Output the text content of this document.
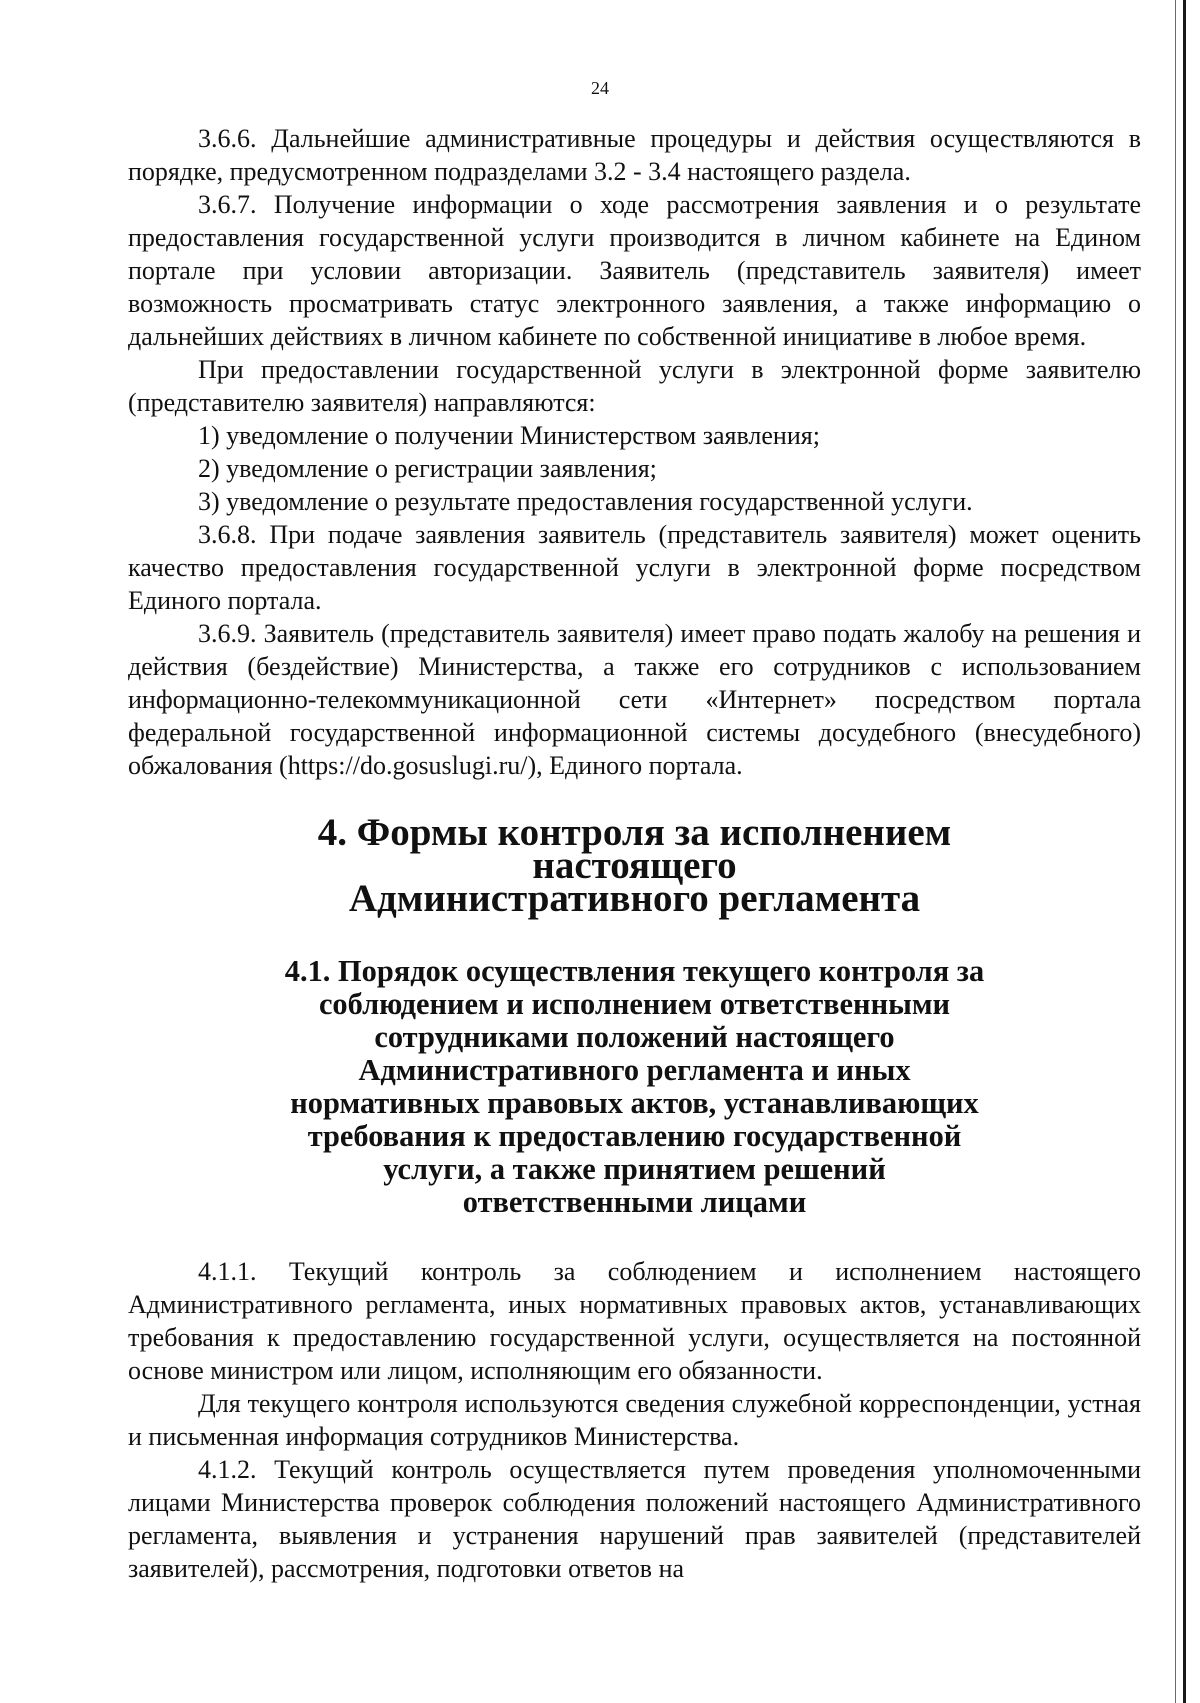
24

3.6.6. Дальнейшие административные процедуры и действия осуществляются в порядке, предусмотренном подразделами 3.2 - 3.4 настоящего раздела.

3.6.7. Получение информации о ходе рассмотрения заявления и о результате предоставления государственной услуги производится в личном кабинете на Едином портале при условии авторизации. Заявитель (представитель заявителя) имеет возможность просматривать статус электронного заявления, а также информацию о дальнейших действиях в личном кабинете по собственной инициативе в любое время.

При предоставлении государственной услуги в электронной форме заявителю (представителю заявителя) направляются:

1) уведомление о получении Министерством заявления;

2) уведомление о регистрации заявления;

3) уведомление о результате предоставления государственной услуги.

3.6.8. При подаче заявления заявитель (представитель заявителя) может оценить качество предоставления государственной услуги в электронной форме посредством Единого портала.

3.6.9. Заявитель (представитель заявителя) имеет право подать жалобу на решения и действия (бездействие) Министерства, а также его сотрудников с использованием информационно-телекоммуникационной сети «Интернет» посредством портала федеральной государственной информационной системы досудебного (внесудебного) обжалования (https://do.gosuslugi.ru/), Единого портала.

4. Формы контроля за исполнением настоящего
Административного регламента
4.1. Порядок осуществления текущего контроля за
соблюдением и исполнением ответственными
сотрудниками положений настоящего
Административного регламента и иных
нормативных правовых актов, устанавливающих
требования к предоставлению государственной
услуги, а также принятием решений
ответственными лицами

4.1.1. Текущий контроль за соблюдением и исполнением настоящего Административного регламента, иных нормативных правовых актов, устанавливающих требования к предоставлению государственной услуги, осуществляется на постоянной основе министром или лицом, исполняющим его обязанности.

Для текущего контроля используются сведения служебной корреспонденции, устная и письменная информация сотрудников Министерства.

4.1.2. Текущий контроль осуществляется путем проведения уполномоченными лицами Министерства проверок соблюдения положений настоящего Административного регламента, выявления и устранения нарушений прав заявителей (представителей заявителей), рассмотрения, подготовки ответов на
